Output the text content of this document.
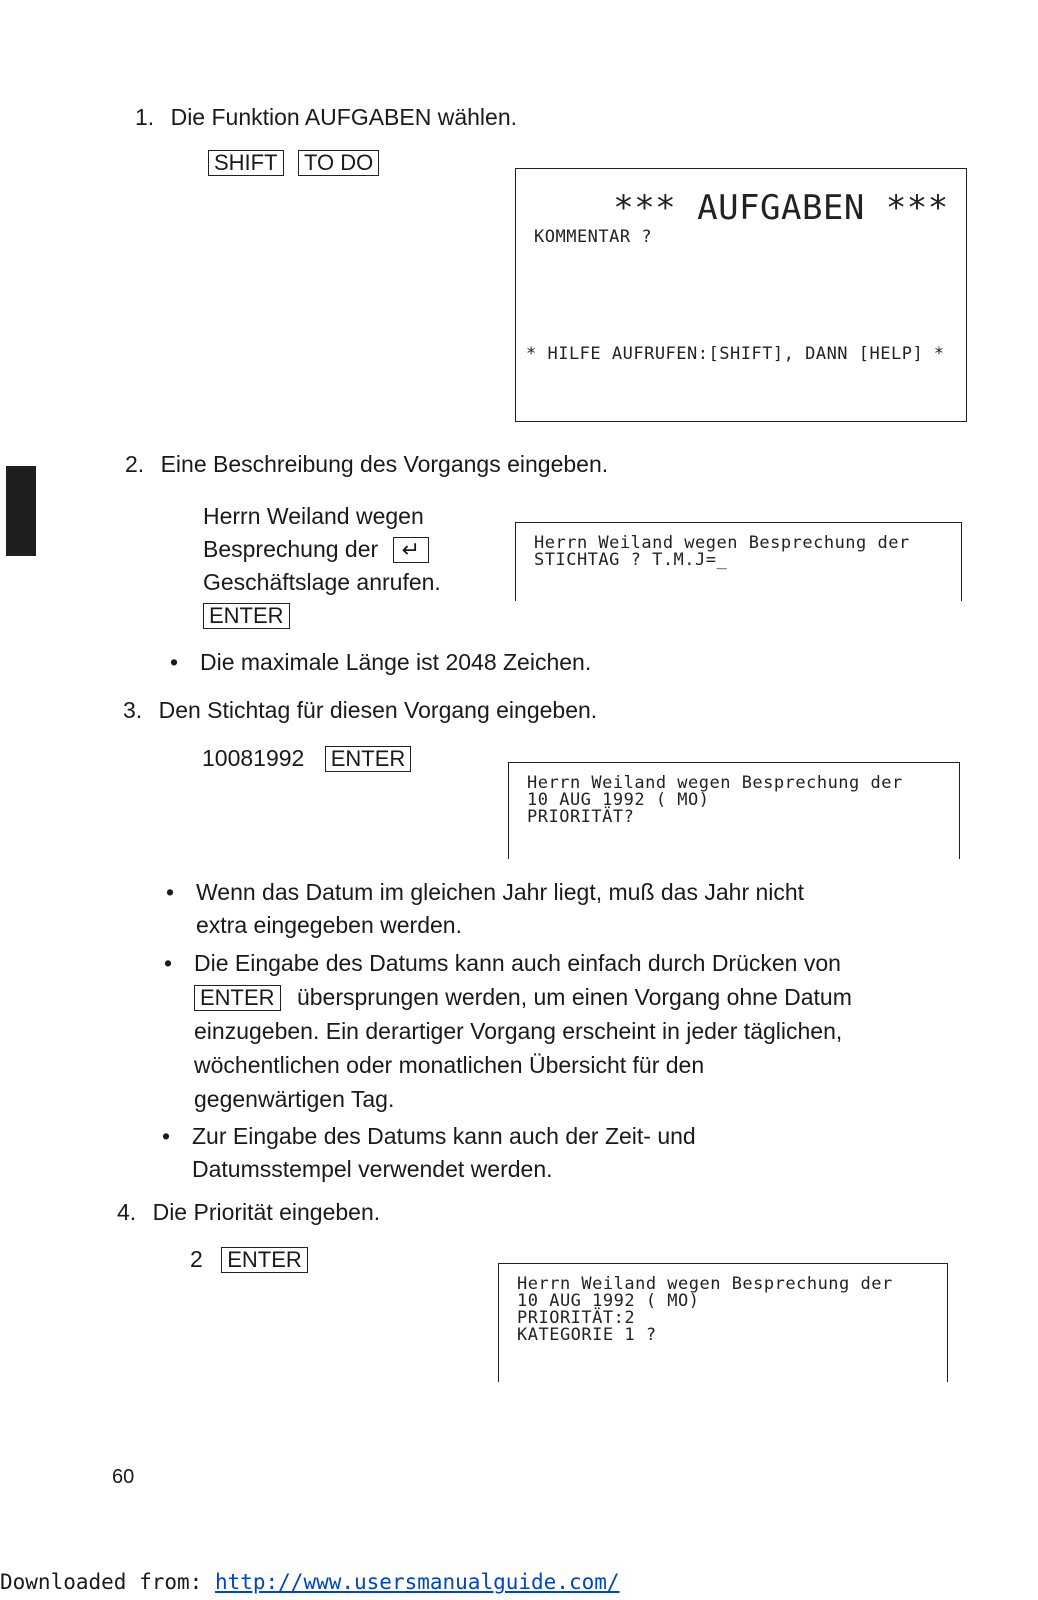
1. Die Funktion AUFGABEN wählen.
SHIFT TO DO
*** AUFGABEN ***
KOMMENTAR ?
* HILFE AUFRUFEN:[SHIFT], DANN [HELP] *
2. Eine Beschreibung des Vorgangs eingeben.
Herrn Weiland wegen
Besprechung der ↵
Geschäftslage anrufen.
ENTER
Herrn Weiland wegen Besprechung der
STICHTAG ? T.M.J=_
• Die maximale Länge ist 2048 Zeichen.
3. Den Stichtag für diesen Vorgang eingeben.
10081992 ENTER
Herrn Weiland wegen Besprechung der
10 AUG 1992 ( MO)
PRIORITÄT?
• Wenn das Datum im gleichen Jahr liegt, muß das Jahr nicht
extra eingegeben werden.
• Die Eingabe des Datums kann auch einfach durch Drücken von
ENTER übersprungen werden, um einen Vorgang ohne Datum
einzugeben. Ein derartiger Vorgang erscheint in jeder täglichen,
wöchentlichen oder monatlichen Übersicht für den
gegenwärtigen Tag.
• Zur Eingabe des Datums kann auch der Zeit- und
Datumsstempel verwendet werden.
4. Die Priorität eingeben.
2 ENTER
Herrn Weiland wegen Besprechung der
10 AUG 1992 ( MO)
PRIORITÄT:2
KATEGORIE 1 ?
60
Downloaded from: http://www.usersmanualguide.com/
